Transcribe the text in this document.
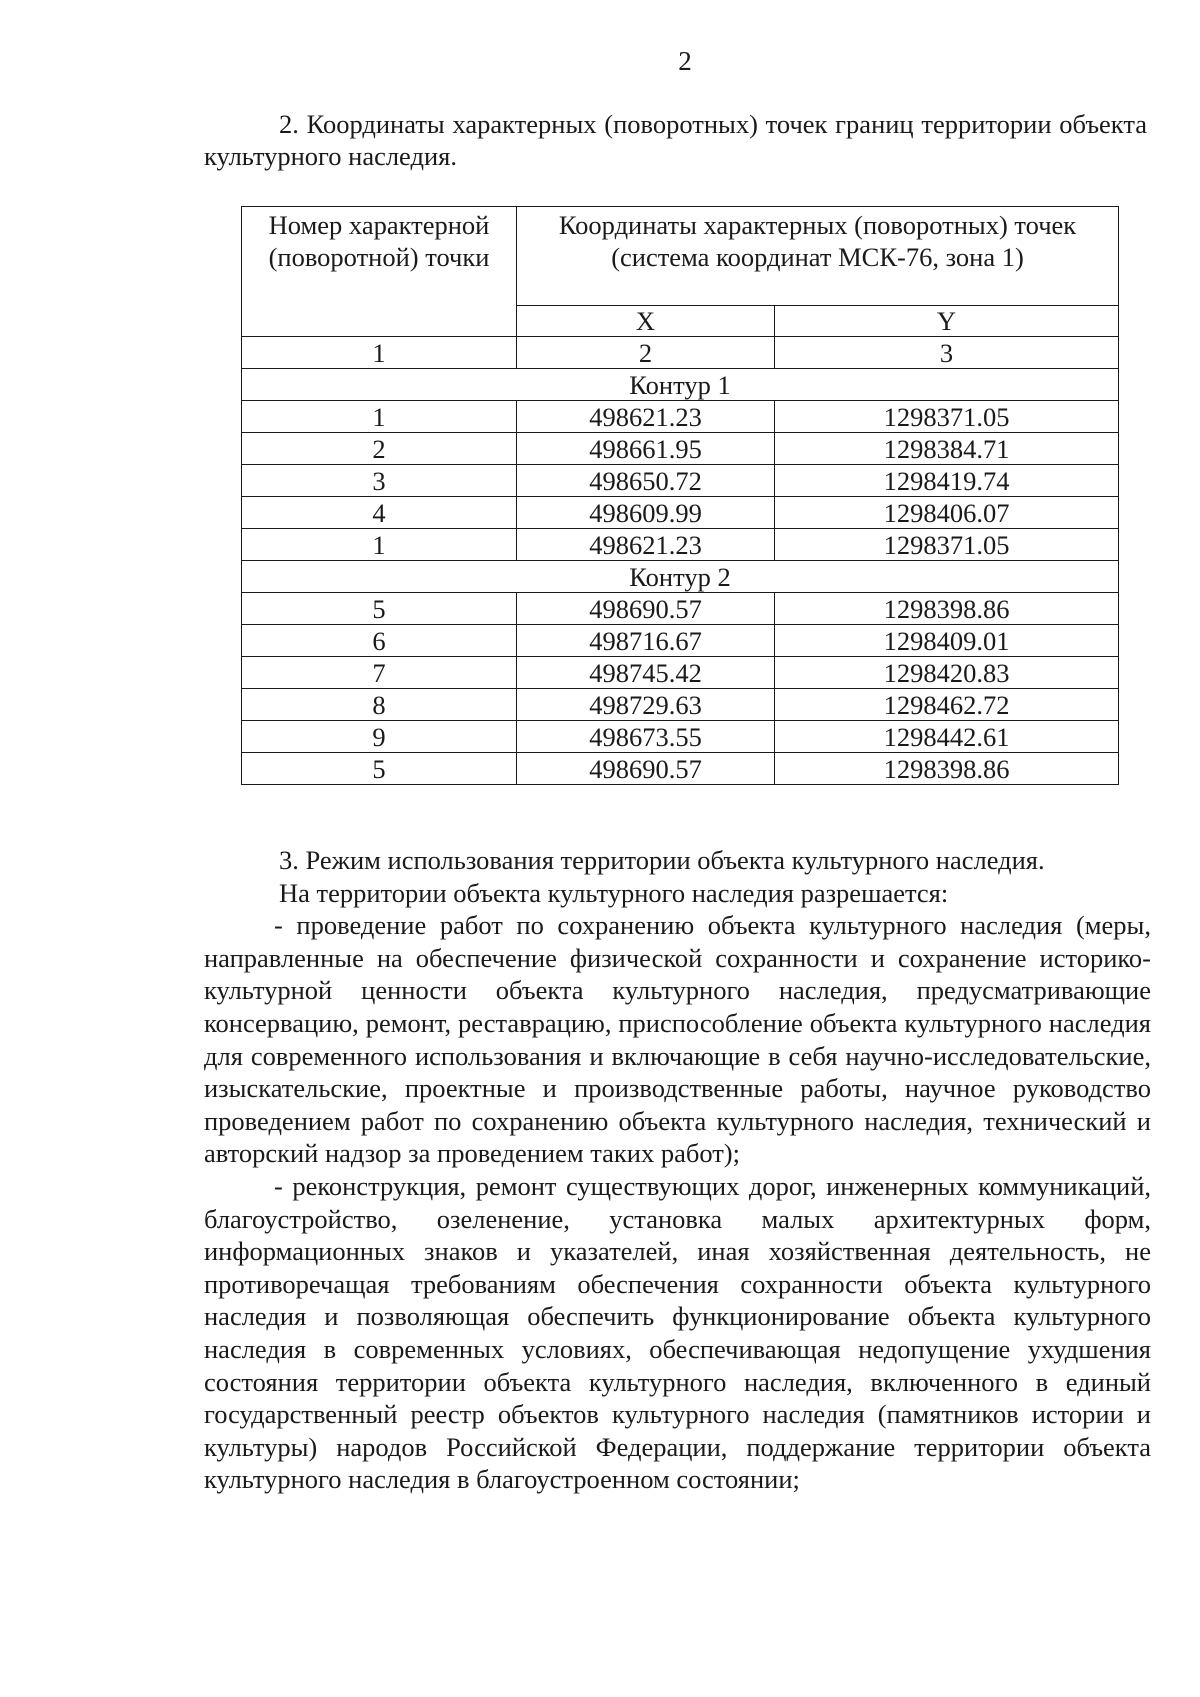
2

2. Координаты характерных (поворотных) точек границ территории объекта культурного наследия.

Номер характерной (поворотной) точки	Координаты характерных (поворотных) точек (система координат МСК-76, зона 1)	

	X	Y
1	2	3
Контур 1		
1	498621.23	1298371.05
2	498661.95	1298384.71
3	498650.72	1298419.74
4	498609.99	1298406.07
1	498621.23	1298371.05
Контур 2		
5	498690.57	1298398.86
6	498716.67	1298409.01
7	498745.42	1298420.83
8	498729.63	1298462.72
9	498673.55	1298442.61
5	498690.57	1298398.86

3. Режим использования территории объекта культурного наследия.

На территории объекта культурного наследия разрешается:

- проведение работ по сохранению объекта культурного наследия (меры, направленные на обеспечение физической сохранности и сохранение историко-культурной ценности объекта культурного наследия, предусматривающие консервацию, ремонт, реставрацию, приспособление объекта культурного наследия для современного использования и включающие в себя научно-исследовательские, изыскательские, проектные и производственные работы, научное руководство проведением работ по сохранению объекта культурного наследия, технический и авторский надзор за проведением таких работ);

- реконструкция, ремонт существующих дорог, инженерных коммуникаций, благоустройство, озеленение, установка малых архитектурных форм, информационных знаков и указателей, иная хозяйственная деятельность, не противоречащая требованиям обеспечения сохранности объекта культурного наследия и позволяющая обеспечить функционирование объекта культурного наследия в современных условиях, обеспечивающая недопущение ухудшения состояния территории объекта культурного наследия, включенного в единый государственный реестр объектов культурного наследия (памятников истории и культуры) народов Российской Федерации, поддержание территории объекта культурного наследия в благоустроенном состоянии;
